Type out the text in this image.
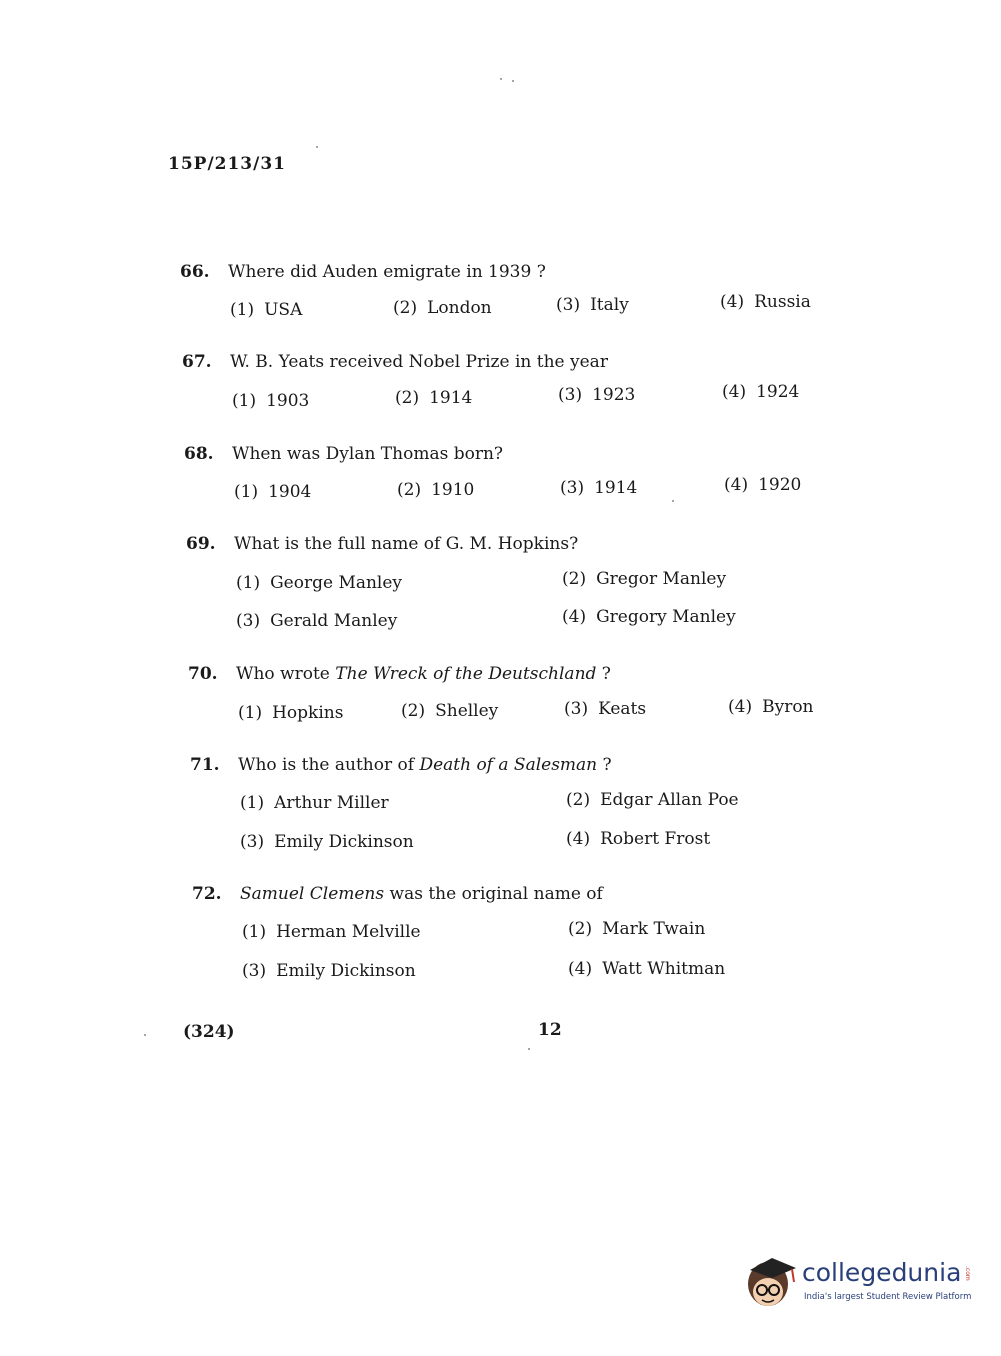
15P/213/31
66. Where did Auden emigrate in 1939 ?
(1) USA	(2) London	(3) Italy	(4) Russia
67. W. B. Yeats received Nobel Prize in the year
(1) 1903	(2) 1914	(3) 1923	(4) 1924
68. When was Dylan Thomas born?
(1) 1904	(2) 1910	(3) 1914	(4) 1920
69. What is the full name of G. M. Hopkins?
(1) George Manley	(2) Gregor Manley
(3) Gerald Manley	(4) Gregory Manley
70. Who wrote The Wreck of the Deutschland ?
(1) Hopkins	(2) Shelley	(3) Keats	(4) Byron
71. Who is the author of Death of a Salesman ?
(1) Arthur Miller	(2) Edgar Allan Poe
(3) Emily Dickinson	(4) Robert Frost
72. Samuel Clemens was the original name of
(1) Herman Melville	(2) Mark Twain
(3) Emily Dickinson	(4) Watt Whitman
(324)	12
collegedunia .com
India's largest Student Review Platform
